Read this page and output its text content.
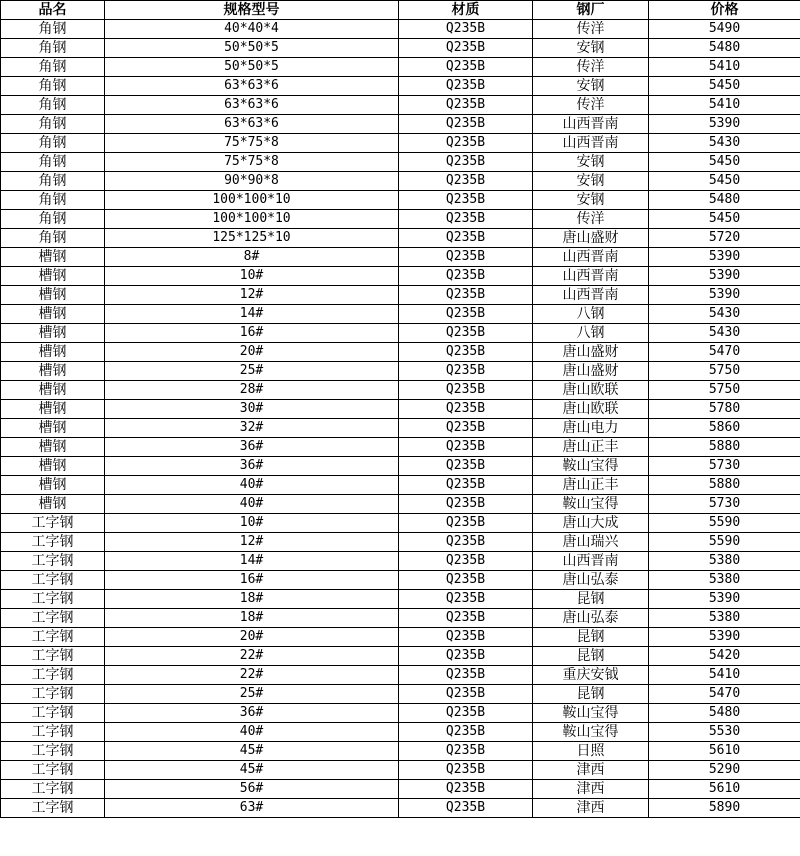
品名	规格型号	材质	钢厂	价格
角钢	40*40*4	Q235B	传洋	5490
角钢	50*50*5	Q235B	安钢	5480
角钢	50*50*5	Q235B	传洋	5410
角钢	63*63*6	Q235B	安钢	5450
角钢	63*63*6	Q235B	传洋	5410
角钢	63*63*6	Q235B	山西晋南	5390
角钢	75*75*8	Q235B	山西晋南	5430
角钢	75*75*8	Q235B	安钢	5450
角钢	90*90*8	Q235B	安钢	5450
角钢	100*100*10	Q235B	安钢	5480
角钢	100*100*10	Q235B	传洋	5450
角钢	125*125*10	Q235B	唐山盛财	5720
槽钢	8#	Q235B	山西晋南	5390
槽钢	10#	Q235B	山西晋南	5390
槽钢	12#	Q235B	山西晋南	5390
槽钢	14#	Q235B	八钢	5430
槽钢	16#	Q235B	八钢	5430
槽钢	20#	Q235B	唐山盛财	5470
槽钢	25#	Q235B	唐山盛财	5750
槽钢	28#	Q235B	唐山欧联	5750
槽钢	30#	Q235B	唐山欧联	5780
槽钢	32#	Q235B	唐山电力	5860
槽钢	36#	Q235B	唐山正丰	5880
槽钢	36#	Q235B	鞍山宝得	5730
槽钢	40#	Q235B	唐山正丰	5880
槽钢	40#	Q235B	鞍山宝得	5730
工字钢	10#	Q235B	唐山大成	5590
工字钢	12#	Q235B	唐山瑞兴	5590
工字钢	14#	Q235B	山西晋南	5380
工字钢	16#	Q235B	唐山弘泰	5380
工字钢	18#	Q235B	昆钢	5390
工字钢	18#	Q235B	唐山弘泰	5380
工字钢	20#	Q235B	昆钢	5390
工字钢	22#	Q235B	昆钢	5420
工字钢	22#	Q235B	重庆安钺	5410
工字钢	25#	Q235B	昆钢	5470
工字钢	36#	Q235B	鞍山宝得	5480
工字钢	40#	Q235B	鞍山宝得	5530
工字钢	45#	Q235B	日照	5610
工字钢	45#	Q235B	津西	5290
工字钢	56#	Q235B	津西	5610
工字钢	63#	Q235B	津西	5890
